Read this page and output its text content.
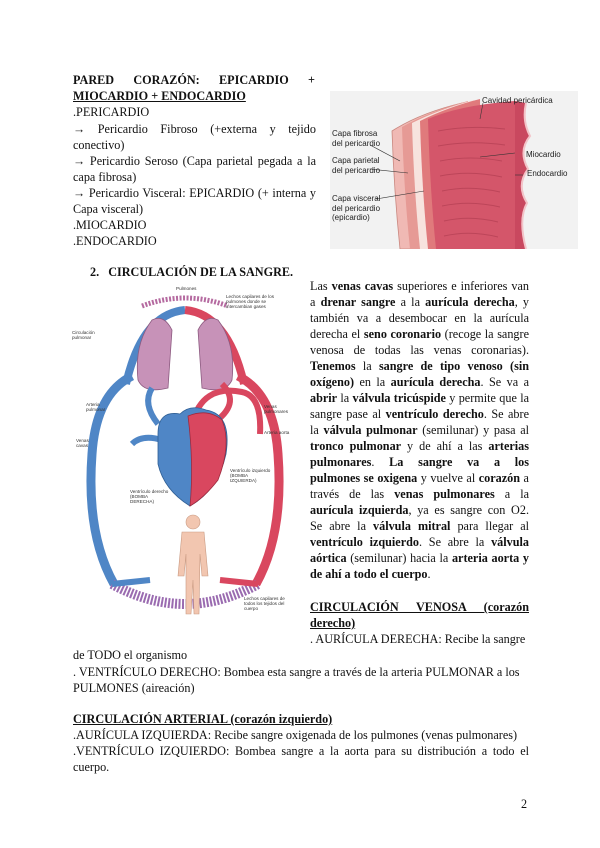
PARED CORAZÓN: EPICARDIO +
MIOCARDIO + ENDOCARDIO
.PERICARDIO
→ Pericardio Fibroso (+externa y tejido
conectivo)
→ Pericardio Seroso (Capa parietal pegada a la
capa fibrosa)
→ Pericardio Visceral: EPICARDIO (+ interna y
Capa visceral)
.MIOCARDIO
.ENDOCARDIO
Cavidad pericárdica
Capa fibrosa
del pericardio
Capa parietal
del pericardio
Capa visceral
del pericardio
(epicardio)
Miocardio
Endocardio
2. CIRCULACIÓN DE LA SANGRE.
Pulmones
Lechos capilares de los pulmones donde se intercambian gases
Circulación pulmonar
Arteria pulmonar
Venas pulmonares
Arteria aorta
Venas cavas
Ventrículo derecho
(BOMBA DERECHA)
Ventrículo izquierdo
(BOMBA IZQUIERDA)
Lechos capilares de todos los tejidos del cuerpo

Las venas cavas superiores e inferiores van

a drenar sangre a la aurícula derecha, y

también va a desembocar en la aurícula

derecha el seno coronario (recoge la sangre

venosa de todas las venas coronarias).

Tenemos la sangre de tipo venoso (sin

oxígeno) en la aurícula derecha. Se va a

abrir la válvula tricúspide y permite que la

sangre pase al ventrículo derecho. Se abre

la válvula pulmonar (semilunar) y pasa al

tronco pulmonar y de ahí a las arterias

pulmonares. La sangre va a los

pulmones se oxigena y vuelve al corazón a

través de las venas pulmonares a la

aurícula izquierda, ya es sangre con O2.

Se abre la válvula mitral para llegar al

ventrículo izquierdo. Se abre la válvula

aórtica (semilunar) hacia la arteria aorta y

de ahí a todo el cuerpo.

CIRCULACIÓN VENOSA (corazón
derecho)
. AURÍCULA DERECHA: Recibe la sangre
de TODO el organismo
. VENTRÍCULO DERECHO: Bombea esta sangre a través de la arteria PULMONAR a los
PULMONES (aireación)
CIRCULACIÓN ARTERIAL (corazón izquierdo)
.AURÍCULA IZQUIERDA: Recibe sangre oxigenada de los pulmones (venas pulmonares)
.VENTRÍCULO IZQUIERDO: Bombea sangre a la aorta para su distribución a todo el
cuerpo.
2
